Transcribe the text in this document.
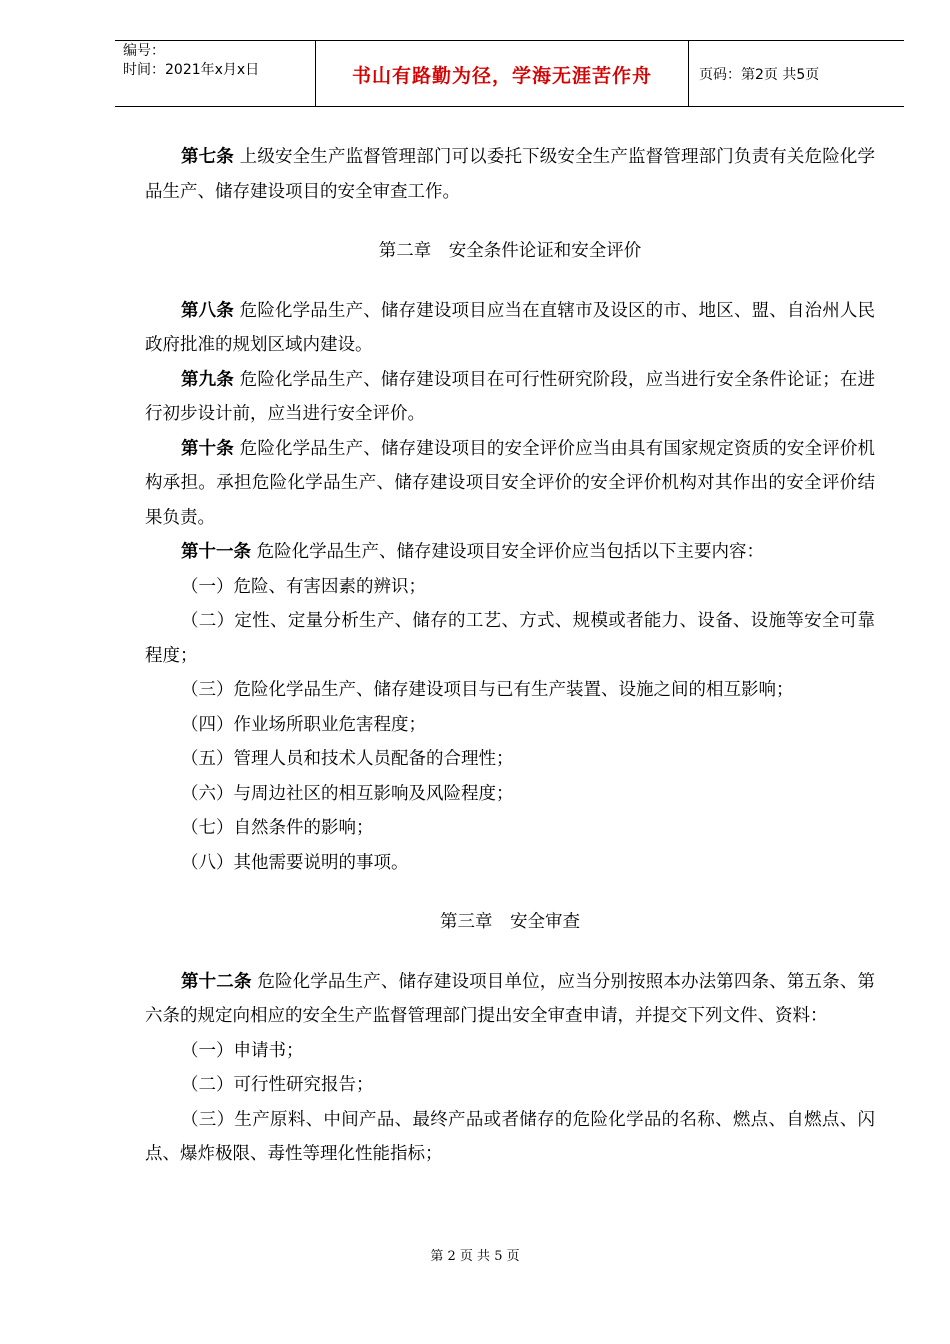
编号：
时间：2021年x月x日	书山有路勤为径，学海无涯苦作舟	页码：第2页 共5页

第七条 上级安全生产监督管理部门可以委托下级安全生产监督管理部门负责有关危险化学品生产、储存建设项目的安全审查工作。

第二章　安全条件论证和安全评价

第八条 危险化学品生产、储存建设项目应当在直辖市及设区的市、地区、盟、自治州人民政府批准的规划区域内建设。

第九条 危险化学品生产、储存建设项目在可行性研究阶段，应当进行安全条件论证；在进行初步设计前，应当进行安全评价。

第十条 危险化学品生产、储存建设项目的安全评价应当由具有国家规定资质的安全评价机构承担。承担危险化学品生产、储存建设项目安全评价的安全评价机构对其作出的安全评价结果负责。

第十一条 危险化学品生产、储存建设项目安全评价应当包括以下主要内容：

（一）危险、有害因素的辨识；

（二）定性、定量分析生产、储存的工艺、方式、规模或者能力、设备、设施等安全可靠程度；

（三）危险化学品生产、储存建设项目与已有生产装置、设施之间的相互影响；

（四）作业场所职业危害程度；

（五）管理人员和技术人员配备的合理性；

（六）与周边社区的相互影响及风险程度；

（七）自然条件的影响；

（八）其他需要说明的事项。

第三章　安全审查

第十二条 危险化学品生产、储存建设项目单位，应当分别按照本办法第四条、第五条、第六条的规定向相应的安全生产监督管理部门提出安全审查申请，并提交下列文件、资料：

（一）申请书；

（二）可行性研究报告；

（三）生产原料、中间产品、最终产品或者储存的危险化学品的名称、燃点、自燃点、闪点、爆炸极限、毒性等理化性能指标；

第 2 页 共 5 页
